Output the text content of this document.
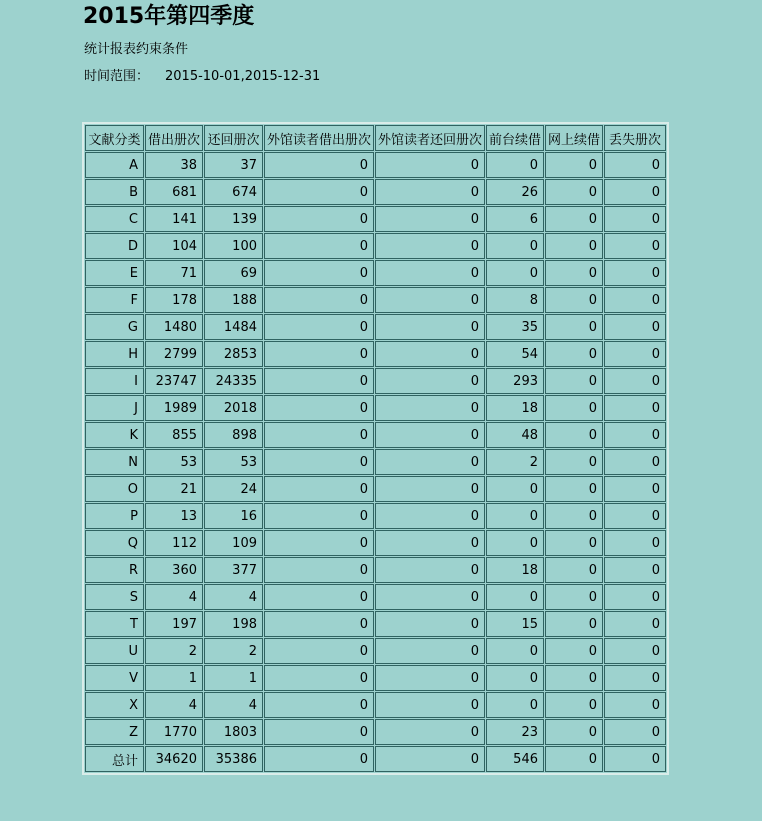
2015年第四季度

统计报表约束条件

时间范围： 2015-10-01,2015-12-31

文献分类	借出册次	还回册次	外馆读者借出册次	外馆读者还回册次	前台续借	网上续借	丢失册次
A	38	37	0	0	0	0	0
B	681	674	0	0	26	0	0
C	141	139	0	0	6	0	0
D	104	100	0	0	0	0	0
E	71	69	0	0	0	0	0
F	178	188	0	0	8	0	0
G	1480	1484	0	0	35	0	0
H	2799	2853	0	0	54	0	0
I	23747	24335	0	0	293	0	0
J	1989	2018	0	0	18	0	0
K	855	898	0	0	48	0	0
N	53	53	0	0	2	0	0
O	21	24	0	0	0	0	0
P	13	16	0	0	0	0	0
Q	112	109	0	0	0	0	0
R	360	377	0	0	18	0	0
S	4	4	0	0	0	0	0
T	197	198	0	0	15	0	0
U	2	2	0	0	0	0	0
V	1	1	0	0	0	0	0
X	4	4	0	0	0	0	0
Z	1770	1803	0	0	23	0	0
总计	34620	35386	0	0	546	0	0
